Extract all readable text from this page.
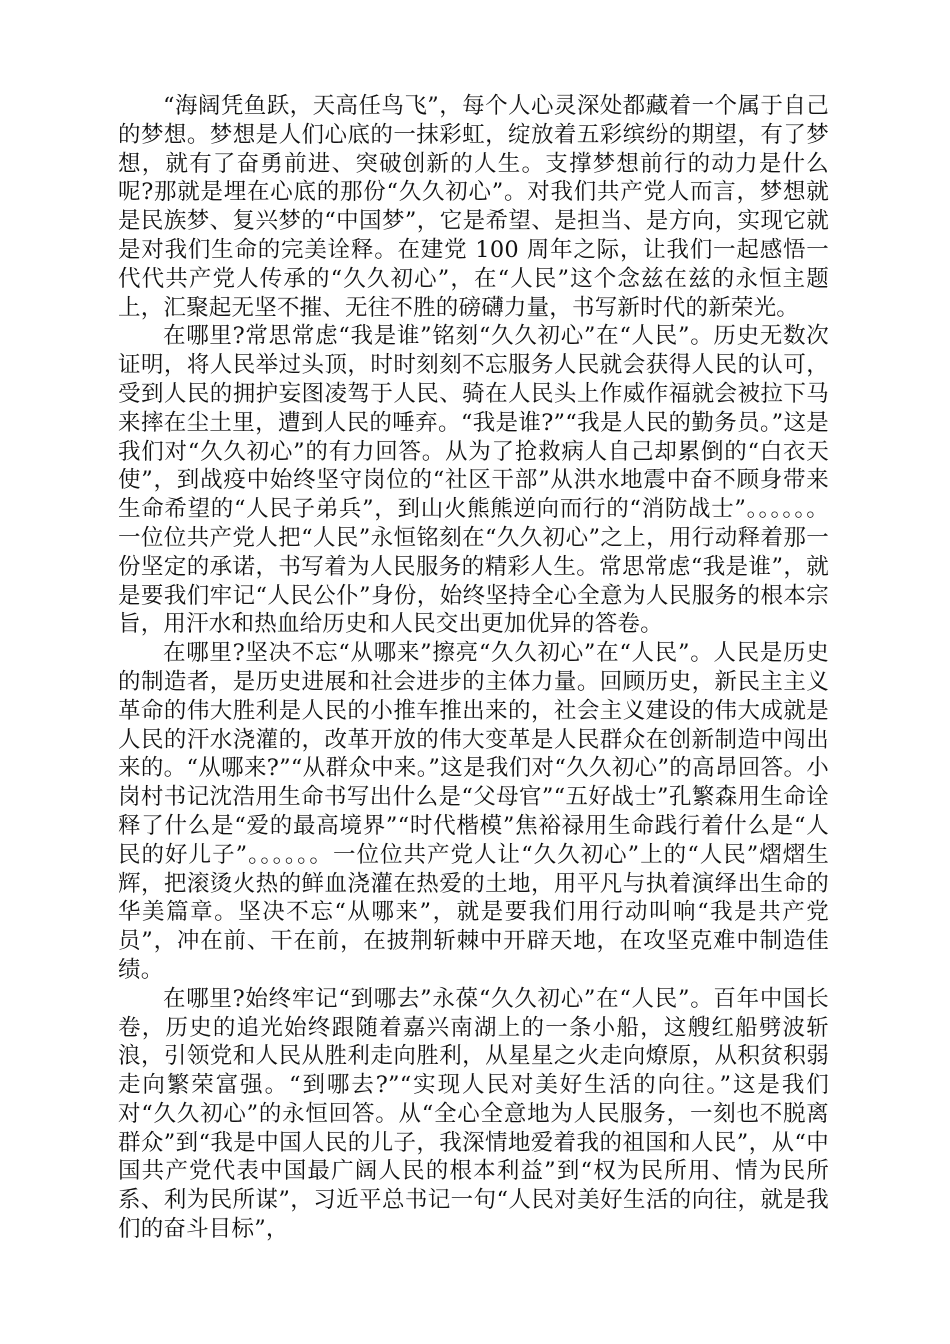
“海阔凭鱼跃，天高任鸟飞”，每个人心灵深处都藏着一个属于自己的梦想。梦想是人们心底的一抹彩虹，绽放着五彩缤纷的期望，有了梦想，就有了奋勇前进、突破创新的人生。支撑梦想前行的动力是什么呢?那就是埋在心底的那份“久久初心”。对我们共产党人而言，梦想就是民族梦、复兴梦的“中国梦”，它是希望、是担当、是方向，实现它就是对我们生命的完美诠释。在建党 100 周年之际，让我们一起感悟一代代共产党人传承的“久久初心”，在“人民”这个念兹在兹的永恒主题上，汇聚起无坚不摧、无往不胜的磅礴力量，书写新时代的新荣光。

在哪里?常思常虑“我是谁”铭刻“久久初心”在“人民”。历史无数次证明，将人民举过头顶，时时刻刻不忘服务人民就会获得人民的认可，受到人民的拥护妄图凌驾于人民、骑在人民头上作威作福就会被拉下马来摔在尘土里，遭到人民的唾弃。“我是谁?”“我是人民的勤务员。”这是我们对“久久初心”的有力回答。从为了抢救病人自己却累倒的“白衣天使”，到战疫中始终坚守岗位的“社区干部”从洪水地震中奋不顾身带来生命希望的“人民子弟兵”，到山火熊熊逆向而行的“消防战士”。。。。。。一位位共产党人把“人民”永恒铭刻在“久久初心”之上，用行动释着那一份坚定的承诺，书写着为人民服务的精彩人生。常思常虑“我是谁”，就是要我们牢记“人民公仆”身份，始终坚持全心全意为人民服务的根本宗旨，用汗水和热血给历史和人民交出更加优异的答卷。

在哪里?坚决不忘“从哪来”擦亮“久久初心”在“人民”。人民是历史的制造者，是历史进展和社会进步的主体力量。回顾历史，新民主主义革命的伟大胜利是人民的小推车推出来的，社会主义建设的伟大成就是人民的汗水浇灌的，改革开放的伟大变革是人民群众在创新制造中闯出来的。“从哪来?”“从群众中来。”这是我们对“久久初心”的高昂回答。小岗村书记沈浩用生命书写出什么是“父母官”“五好战士”孔繁森用生命诠释了什么是“爱的最高境界”“时代楷模”焦裕禄用生命践行着什么是“人民的好儿子”。。。。。。一位位共产党人让“久久初心”上的“人民”熠熠生辉，把滚烫火热的鲜血浇灌在热爱的土地，用平凡与执着演绎出生命的华美篇章。坚决不忘“从哪来”，就是要我们用行动叫响“我是共产党员”，冲在前、干在前，在披荆斩棘中开辟天地，在攻坚克难中制造佳绩。

在哪里?始终牢记“到哪去”永葆“久久初心”在“人民”。百年中国长卷，历史的追光始终跟随着嘉兴南湖上的一条小船，这艘红船劈波斩浪，引领党和人民从胜利走向胜利，从星星之火走向燎原，从积贫积弱走向繁荣富强。“到哪去?”“实现人民对美好生活的向往。”这是我们对“久久初心”的永恒回答。从“全心全意地为人民服务，一刻也不脱离群众”到“我是中国人民的儿子，我深情地爱着我的祖国和人民”，从“中国共产党代表中国最广阔人民的根本利益”到“权为民所用、情为民所系、利为民所谋”，习近平总书记一句“人民对美好生活的向往，就是我们的奋斗目标”，
